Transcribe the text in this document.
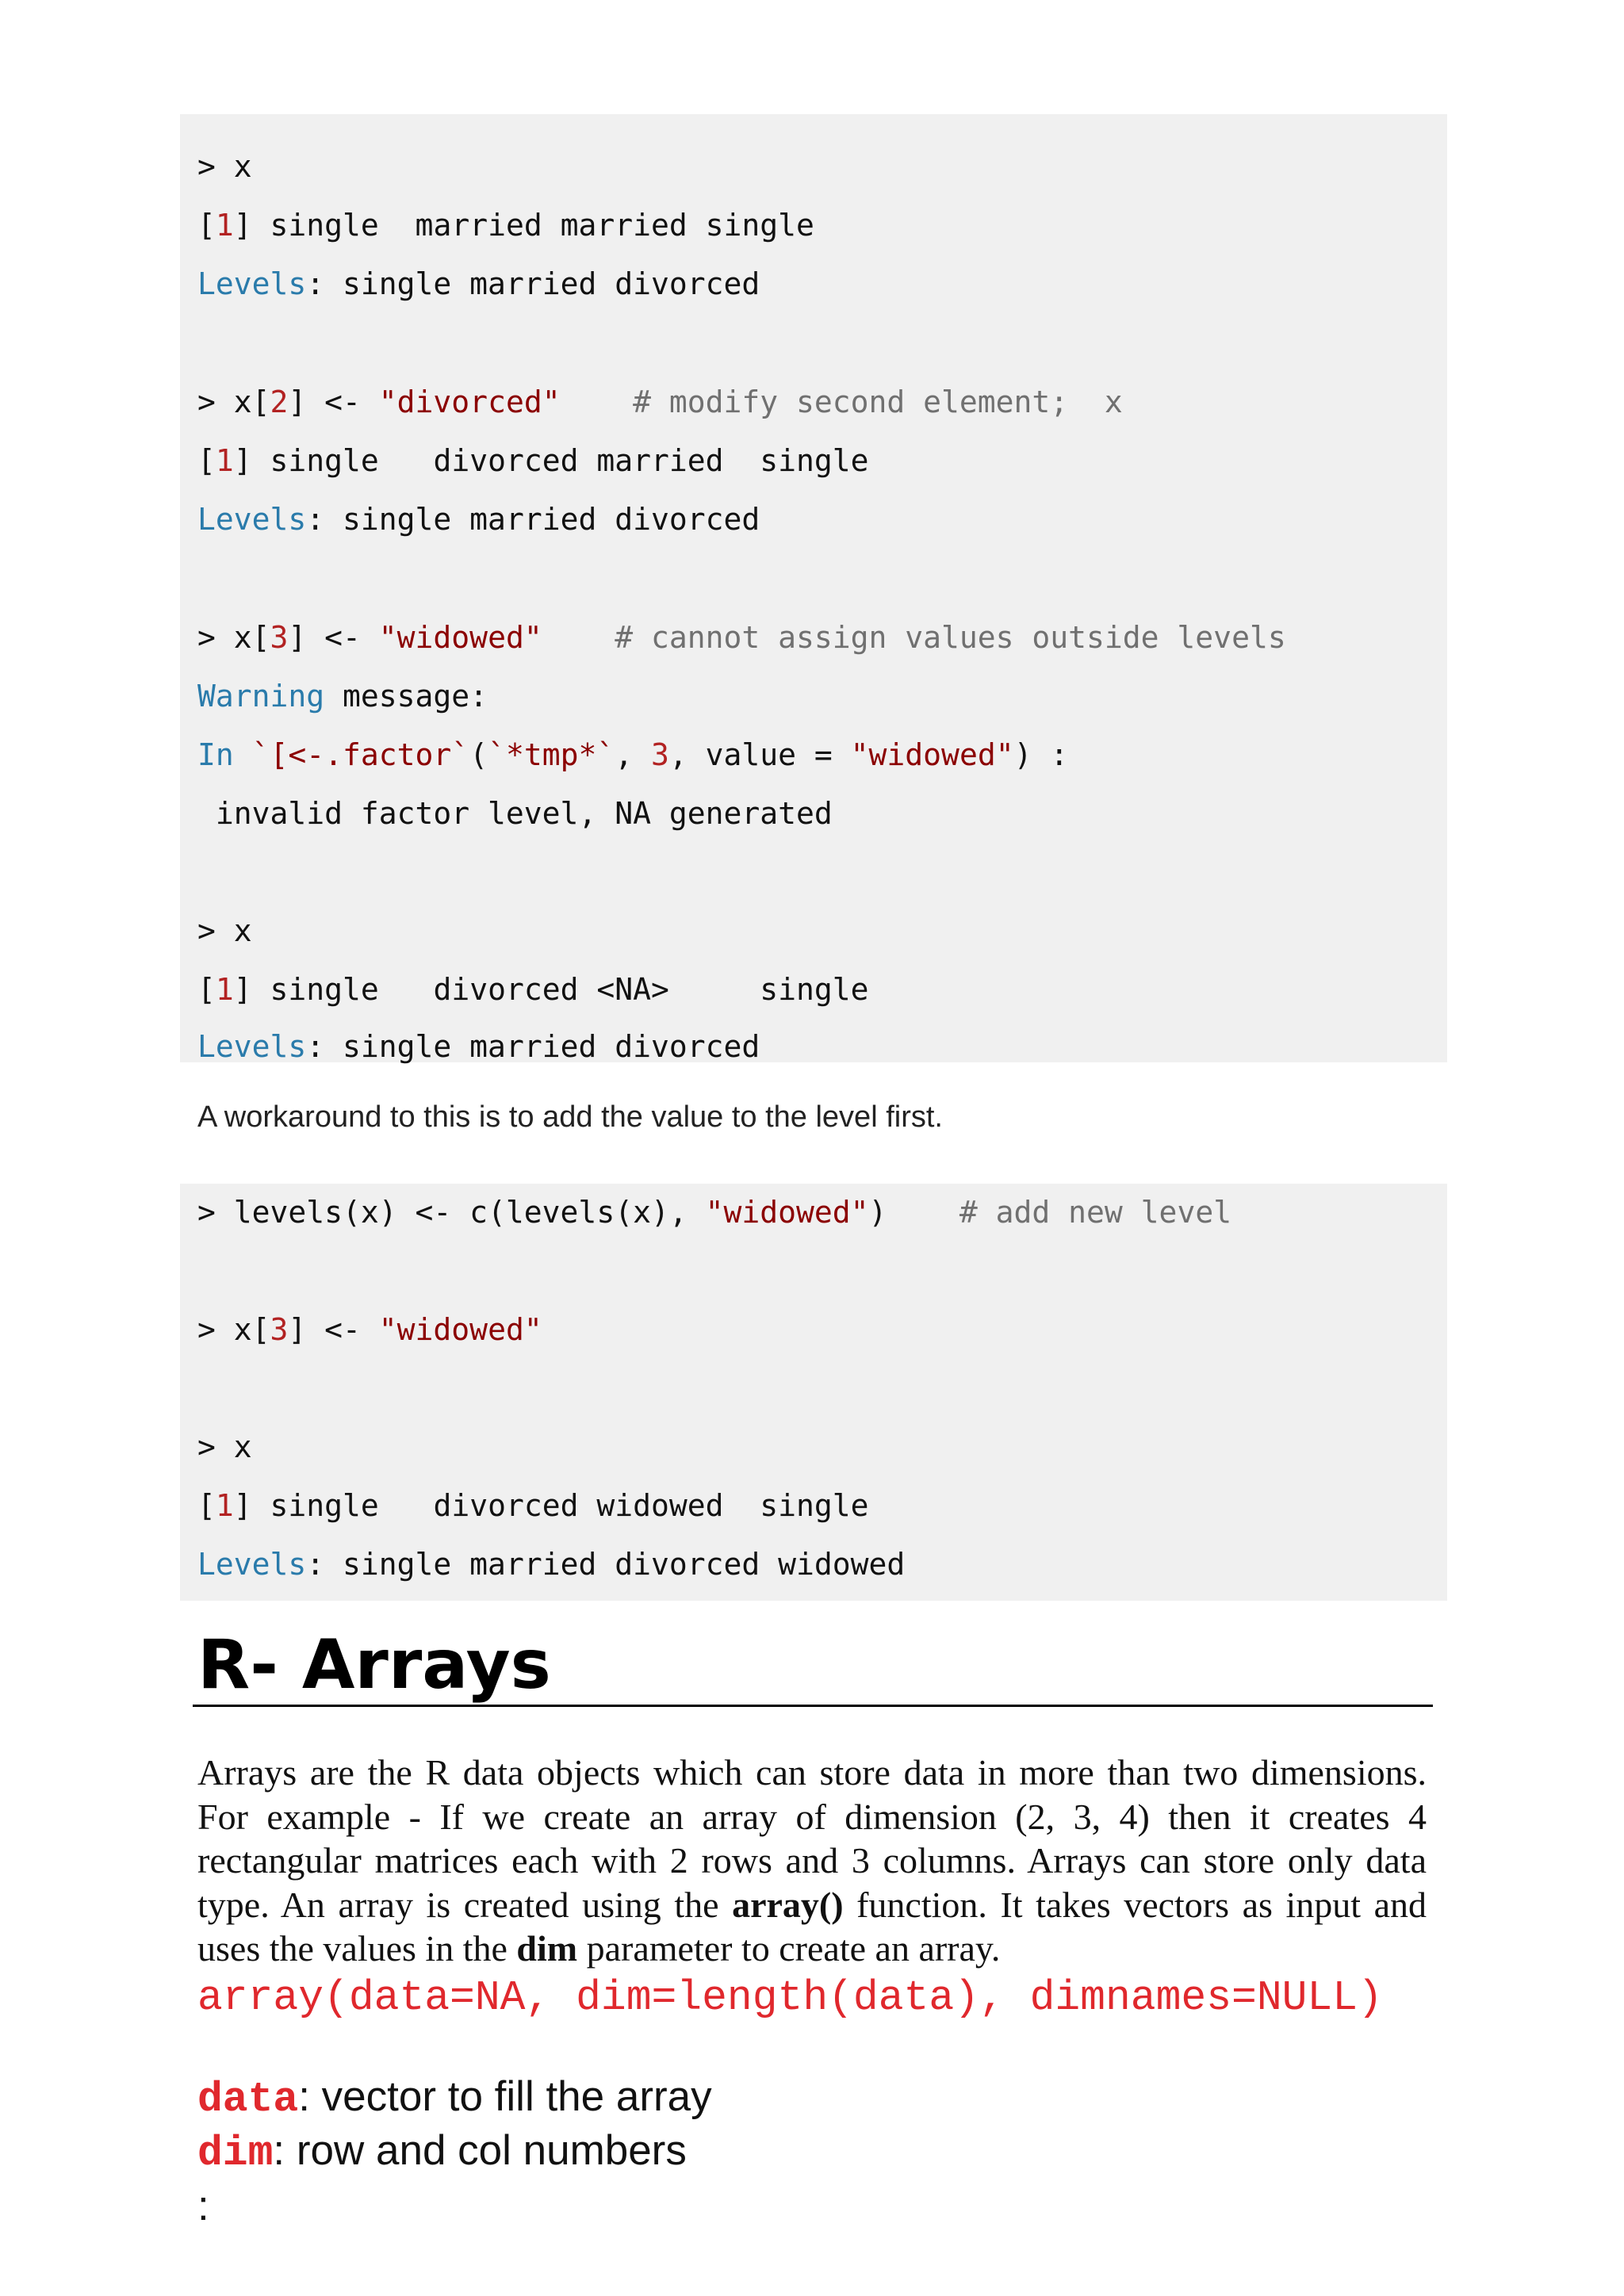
> x
[1] single  married married single
Levels: single married divorced
> x[2] <- "divorced"    # modify second element;  x
[1] single   divorced married  single
Levels: single married divorced
> x[3] <- "widowed"    # cannot assign values outside levels
Warning message:
In `[<-.factor`(`*tmp*`, 3, value = "widowed") :
invalid factor level, NA generated
> x
[1] single   divorced <NA>     single
Levels: single married divorced
A workaround to this is to add the value to the level first.
> levels(x) <- c(levels(x), "widowed")    # add new level
> x[3] <- "widowed"
> x
[1] single   divorced widowed  single
Levels: single married divorced widowed
R- Arrays
Arrays are the R data objects which can store data in more than two dimensions. For example - If we create an array of dimension (2, 3, 4) then it creates 4 rectangular matrices each with 2 rows and 3 columns. Arrays can store only data type. An array is created using the array() function. It takes vectors as input and uses the values in the dim parameter to create an array.
array(data=NA, dim=length(data), dimnames=NULL)
data: vector to fill the array
dim: row and col numbers
:
